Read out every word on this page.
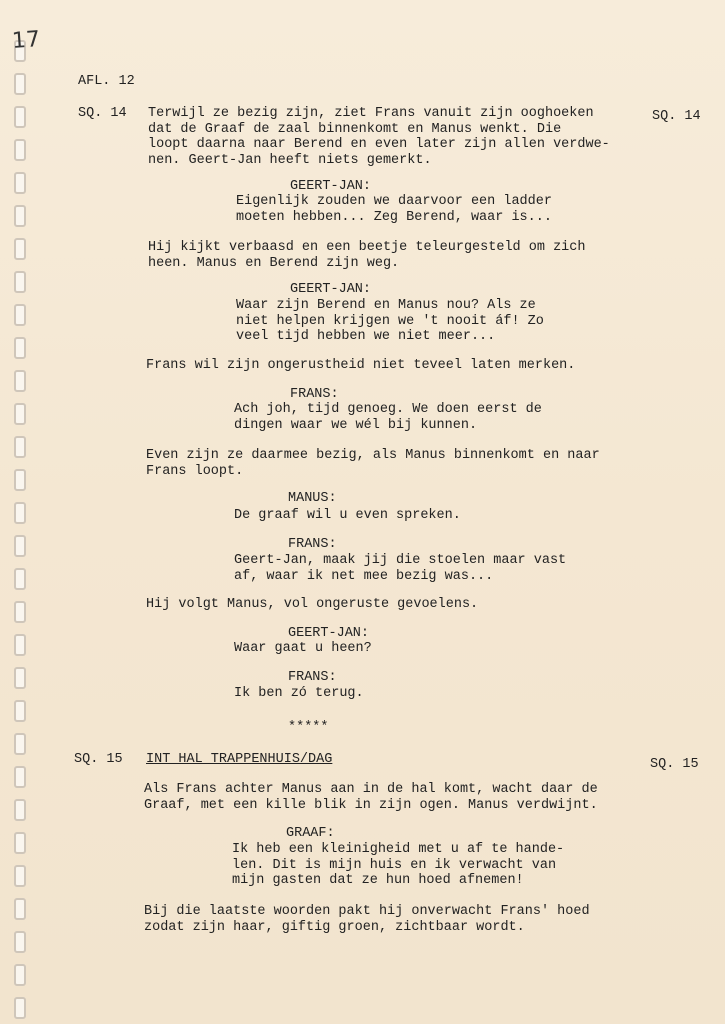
17
AFL. 12
SQ. 14	SQ. 14
Terwijl ze bezig zijn, ziet Frans vanuit zijn ooghoeken
dat de Graaf de zaal binnenkomt en Manus wenkt. Die
loopt daarna naar Berend en even later zijn allen verdwe-
nen. Geert-Jan heeft niets gemerkt.
GEERT-JAN:
Eigenlijk zouden we daarvoor een ladder
moeten hebben... Zeg Berend, waar is...
Hij kijkt verbaasd en een beetje teleurgesteld om zich
heen. Manus en Berend zijn weg.
GEERT-JAN:
Waar zijn Berend en Manus nou? Als ze
niet helpen krijgen we 't nooit áf! Zo
veel tijd hebben we niet meer...
Frans wil zijn ongerustheid niet teveel laten merken.
FRANS:
Ach joh, tijd genoeg. We doen eerst de
dingen waar we wél bij kunnen.
Even zijn ze daarmee bezig, als Manus binnenkomt en naar
Frans loopt.
MANUS:
De graaf wil u even spreken.
FRANS:
Geert-Jan, maak jij die stoelen maar vast
af, waar ik net mee bezig was...
Hij volgt Manus, vol ongeruste gevoelens.
GEERT-JAN:
Waar gaat u heen?
FRANS:
Ik ben zó terug.
*****
SQ. 15 INT HAL TRAPPENHUIS/DAG	SQ. 15
Als Frans achter Manus aan in de hal komt, wacht daar de
Graaf, met een kille blik in zijn ogen. Manus verdwijnt.
GRAAF:
Ik heb een kleinigheid met u af te hande-
len. Dit is mijn huis en ik verwacht van
mijn gasten dat ze hun hoed afnemen!
Bij die laatste woorden pakt hij onverwacht Frans' hoed
zodat zijn haar, giftig groen, zichtbaar wordt.
